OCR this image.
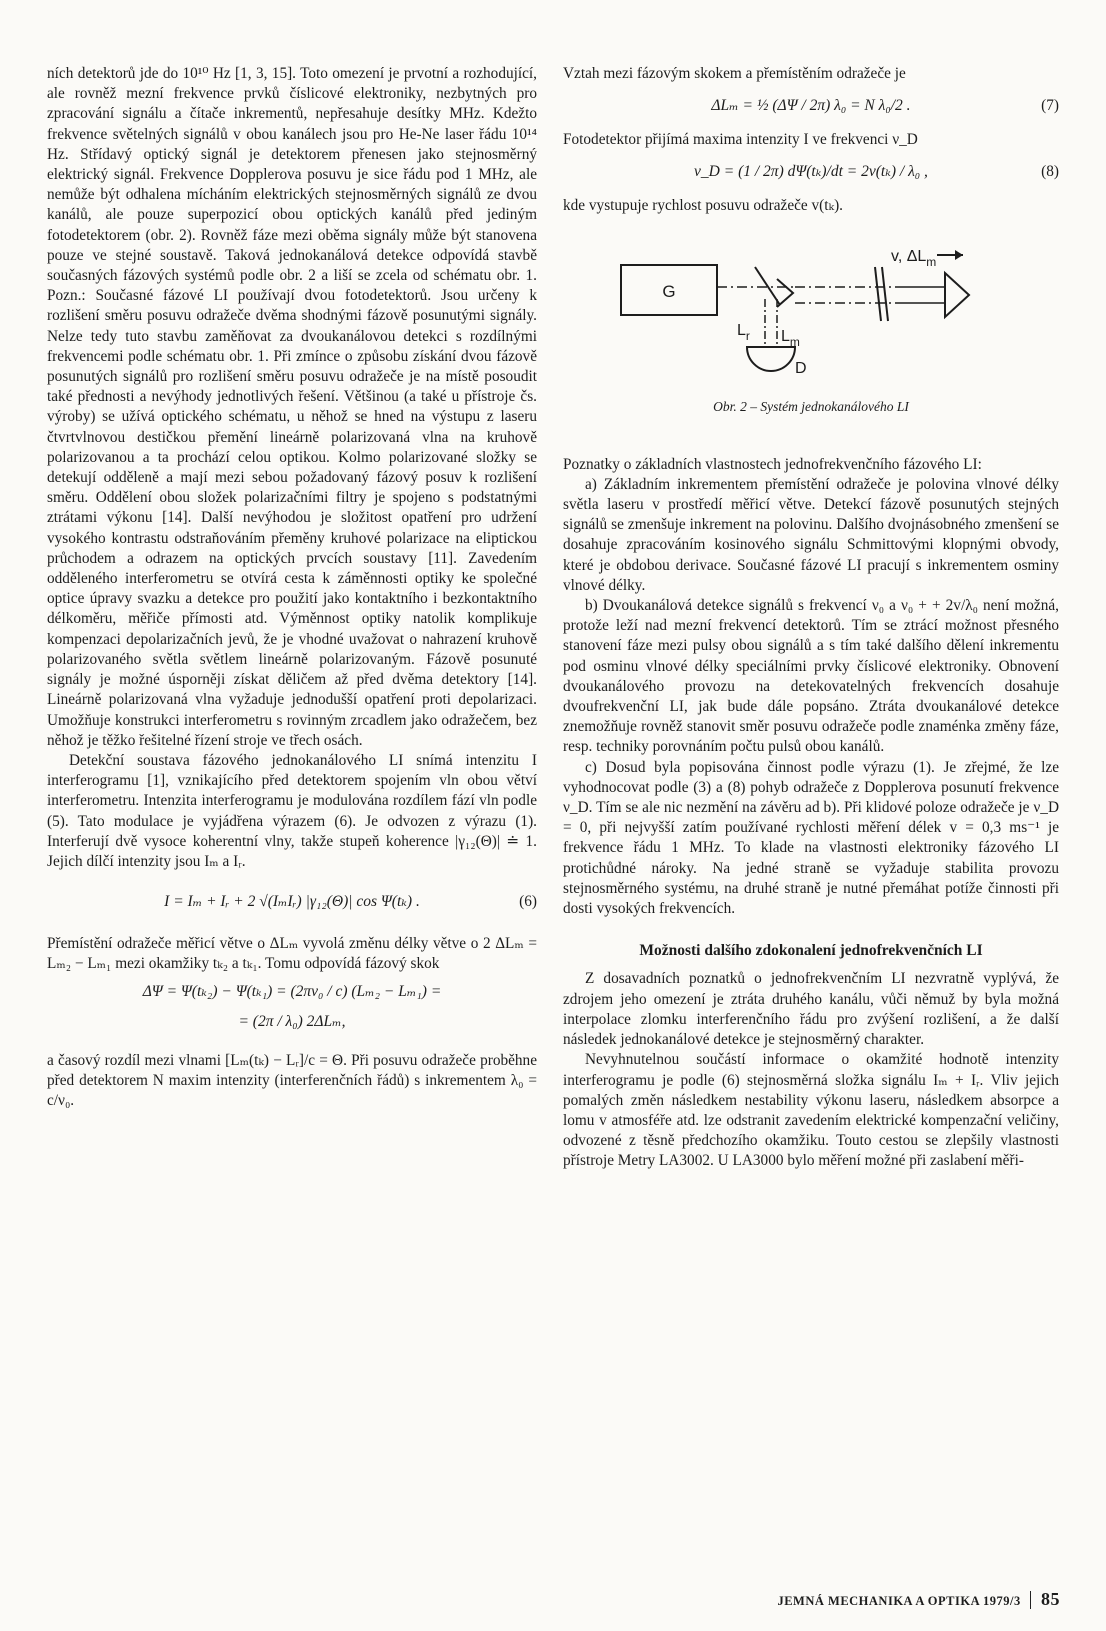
ních detektorů jde do 10¹⁰ Hz [1, 3, 15]. Toto omezení je prvotní a rozhodující, ale rovněž mezní frekvence prvků číslicové elektroniky, nezbytných pro zpracování signálu a čítače inkrementů, nepřesahuje desítky MHz. Kdežto frekvence světelných signálů v obou kanálech jsou pro He-Ne laser řádu 10¹⁴ Hz. Střídavý optický signál je detektorem přenesen jako stejnosměrný elektrický signál. Frekvence Dopplerova posuvu je sice řádu pod 1 MHz, ale nemůže být odhalena mícháním elektrických stejnosměrných signálů ze dvou kanálů, ale pouze superpozicí obou optických kanálů před jediným fotodetektorem (obr. 2). Rovněž fáze mezi oběma signály může být stanovena pouze ve stejné soustavě. Taková jednokanálová detekce odpovídá stavbě současných fázových systémů podle obr. 2 a liší se zcela od schématu obr. 1. Pozn.: Současné fázové LI používají dvou fotodetektorů. Jsou určeny k rozlišení směru posuvu odražeče dvěma shodnými fázově posunutými signály. Nelze tedy tuto stavbu zaměňovat za dvoukanálovou detekci s rozdílnými frekvencemi podle schématu obr. 1. Při zmínce o způsobu získání dvou fázově posunutých signálů pro rozlišení směru posuvu odražeče je na místě posoudit také přednosti a nevýhody jednotlivých řešení. Většinou (a také u přístroje čs. výroby) se užívá optického schématu, u něhož se hned na výstupu z laseru čtvrtvlnovou destičkou přemění lineárně polarizovaná vlna na kruhově polarizovanou a ta prochází celou optikou. Kolmo polarizované složky se detekují odděleně a mají mezi sebou požadovaný fázový posuv k rozlišení směru. Oddělení obou složek polarizačními filtry je spojeno s podstatnými ztrátami výkonu [14]. Další nevýhodou je složitost opatření pro udržení vysokého kontrastu odstraňováním přeměny kruhové polarizace na eliptickou průchodem a odrazem na optických prvcích soustavy [11]. Zavedením odděleného interferometru se otvírá cesta k záměnnosti optiky ke společné optice úpravy svazku a detekce pro použití jako kontaktního i bezkontaktního délkoměru, měřiče přímosti atd. Výměnnost optiky natolik komplikuje kompenzaci depolarizačních jevů, že je vhodné uvažovat o nahrazení kruhově polarizovaného světla světlem lineárně polarizovaným. Fázově posunuté signály je možné úsporněji získat děličem až před dvěma detektory [14]. Lineárně polarizovaná vlna vyžaduje jednodušší opatření proti depolarizaci. Umožňuje konstrukci interferometru s rovinným zrcadlem jako odražečem, bez něhož je těžko řešitelné řízení stroje ve třech osách.

Detekční soustava fázového jednokanálového LI snímá intenzitu I interferogramu [1], vznikajícího před detektorem spojením vln obou větví interferometru. Intenzita interferogramu je modulována rozdílem fází vln podle (5). Tato modulace je vyjádřena výrazem (6). Je odvozen z výrazu (1). Interferují dvě vysoce koherentní vlny, takže stupeň koherence |γ₁₂(Θ)| ≐ 1. Jejich dílčí intenzity jsou Iₘ a Iᵣ.

I = Iₘ + Iᵣ + 2 √(IₘIᵣ) |γ₁₂(Θ)| cos Ψ(tₖ) .	(6)

Přemístění odražeče měřicí větve o ΔLₘ vyvolá změnu délky větve o 2 ΔLₘ = Lₘ₂ − Lₘ₁ mezi okamžiky tₖ₂ a tₖ₁. Tomu odpovídá fázový skok

ΔΨ = Ψ(tₖ₂) − Ψ(tₖ₁) = (2πν₀ / c) (Lₘ₂ − Lₘ₁) =
= (2π / λ₀) 2ΔLₘ,

a časový rozdíl mezi vlnami [Lₘ(tₖ) − Lᵣ]/c = Θ. Při posuvu odražeče proběhne před detektorem N maxim intenzity (interferenčních řádů) s inkrementem λ₀ = c/ν₀.

Vztah mezi fázovým skokem a přemístěním odražeče je

ΔLₘ = ½ (ΔΨ / 2π) λ₀ = N λ₀/2 .	(7)

Fotodetektor přijímá maxima intenzity I ve frekvenci ν_D

ν_D = (1 / 2π) dΨ(tₖ)/dt = 2v(tₖ) / λ₀ ,	(8)

kde vystupuje rychlost posuvu odražeče v(tₖ).

G
v, $\Delta L_m$
$L_r$ $L_m$
D
Obr. 2 – Systém jednokanálového LI

Poznatky o základních vlastnostech jednofrekvenčního fázového LI:

a) Základním inkrementem přemístění odražeče je polovina vlnové délky světla laseru v prostředí měřicí větve. Detekcí fázově posunutých stejných signálů se zmenšuje inkrement na polovinu. Dalšího dvojnásobného zmenšení se dosahuje zpracováním kosinového signálu Schmittovými klopnými obvody, které je obdobou derivace. Současné fázové LI pracují s inkrementem osminy vlnové délky.

b) Dvoukanálová detekce signálů s frekvencí ν₀ a ν₀ + + 2v/λ₀ není možná, protože leží nad mezní frekvencí detektorů. Tím se ztrácí možnost přesného stanovení fáze mezi pulsy obou signálů a s tím také dalšího dělení inkrementu pod osminu vlnové délky speciálními prvky číslicové elektroniky. Obnovení dvoukanálového provozu na detekovatelných frekvencích dosahuje dvoufrekvenční LI, jak bude dále popsáno. Ztráta dvoukanálové detekce znemožňuje rovněž stanovit směr posuvu odražeče podle znaménka změny fáze, resp. techniky porovnáním počtu pulsů obou kanálů.

c) Dosud byla popisována činnost podle výrazu (1). Je zřejmé, že lze vyhodnocovat podle (3) a (8) pohyb odražeče z Dopplerova posunutí frekvence ν_D. Tím se ale nic nezmění na závěru ad b). Při klidové poloze odražeče je ν_D = 0, při nejvyšší zatím používané rychlosti měření délek v = 0,3 ms⁻¹ je frekvence řádu 1 MHz. To klade na vlastnosti elektroniky fázového LI protichůdné nároky. Na jedné straně se vyžaduje stabilita provozu stejnosměrného systému, na druhé straně je nutné přemáhat potíže činnosti při dosti vysokých frekvencích.

Možnosti dalšího zdokonalení jednofrekvenčních LI

Z dosavadních poznatků o jednofrekvenčním LI nezvratně vyplývá, že zdrojem jeho omezení je ztráta druhého kanálu, vůči němuž by byla možná interpolace zlomku interferenčního řádu pro zvýšení rozlišení, a že další následek jednokanálové detekce je stejnosměrný charakter.

Nevyhnutelnou součástí informace o okamžité hodnotě intenzity interferogramu je podle (6) stejnosměrná složka signálu Iₘ + Iᵣ. Vliv jejich pomalých změn následkem nestability výkonu laseru, následkem absorpce a lomu v atmosféře atd. lze odstranit zavedením elektrické kompenzační veličiny, odvozené z těsně předchozího okamžiku. Touto cestou se zlepšily vlastnosti přístroje Metry LA3002. U LA3000 bylo měření možné při zaslabení měři-

JEMNÁ MECHANIKA A OPTIKA 1979/3 85
